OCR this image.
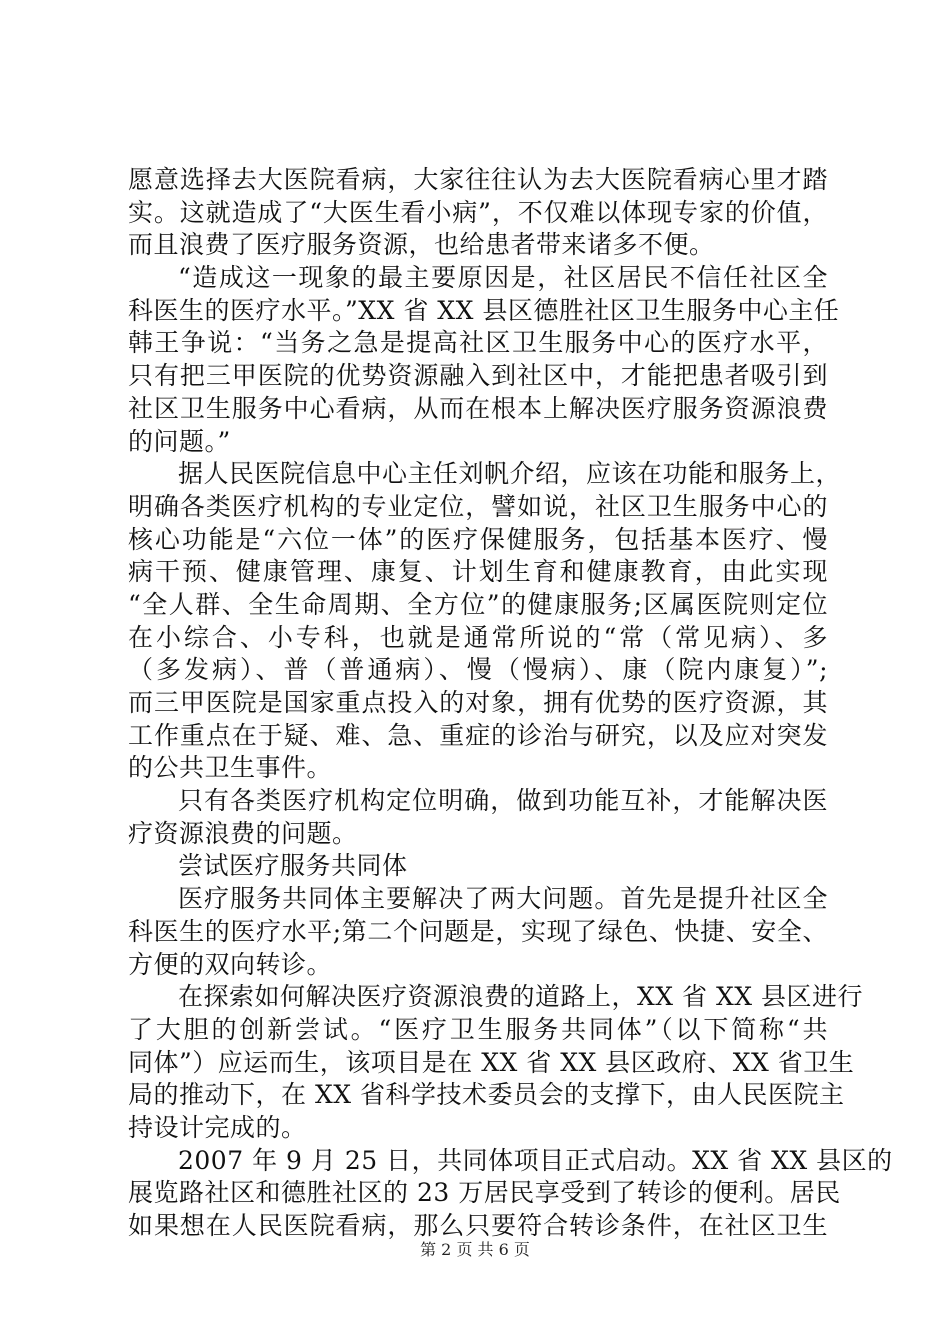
愿意选择去大医院看病，大家往往认为去大医院看病心里才踏
实。这就造成了“大医生看小病”，不仅难以体现专家的价值，
而且浪费了医疗服务资源，也给患者带来诸多不便。
“造成这一现象的最主要原因是，社区居民不信任社区全
科医生的医疗水平。”XX 省 XX 县区德胜社区卫生服务中心主任
韩王争说：“当务之急是提高社区卫生服务中心的医疗水平，
只有把三甲医院的优势资源融入到社区中，才能把患者吸引到
社区卫生服务中心看病，从而在根本上解决医疗服务资源浪费
的问题。”
据人民医院信息中心主任刘帆介绍，应该在功能和服务上，
明确各类医疗机构的专业定位，譬如说，社区卫生服务中心的
核心功能是“六位一体”的医疗保健服务，包括基本医疗、慢
病干预、健康管理、康复、计划生育和健康教育，由此实现
“全人群、全生命周期、全方位”的健康服务;区属医院则定位
在小综合、小专科，也就是通常所说的“常（常见病）、多
（多发病）、普（普通病）、慢（慢病）、康（院内康复）”;
而三甲医院是国家重点投入的对象，拥有优势的医疗资源，其
工作重点在于疑、难、急、重症的诊治与研究，以及应对突发
的公共卫生事件。
只有各类医疗机构定位明确，做到功能互补，才能解决医
疗资源浪费的问题。
尝试医疗服务共同体
医疗服务共同体主要解决了两大问题。首先是提升社区全
科医生的医疗水平;第二个问题是，实现了绿色、快捷、安全、
方便的双向转诊。
在探索如何解决医疗资源浪费的道路上，XX 省 XX 县区进行
了大胆的创新尝试。“医疗卫生服务共同体”（以下简称“共
同体”）应运而生，该项目是在 XX 省 XX 县区政府、XX 省卫生
局的推动下，在 XX 省科学技术委员会的支撑下，由人民医院主
持设计完成的。
2007 年 9 月 25 日，共同体项目正式启动。XX 省 XX 县区的
展览路社区和德胜社区的 23 万居民享受到了转诊的便利。居民
如果想在人民医院看病，那么只要符合转诊条件，在社区卫生
第 2 页 共 6 页
